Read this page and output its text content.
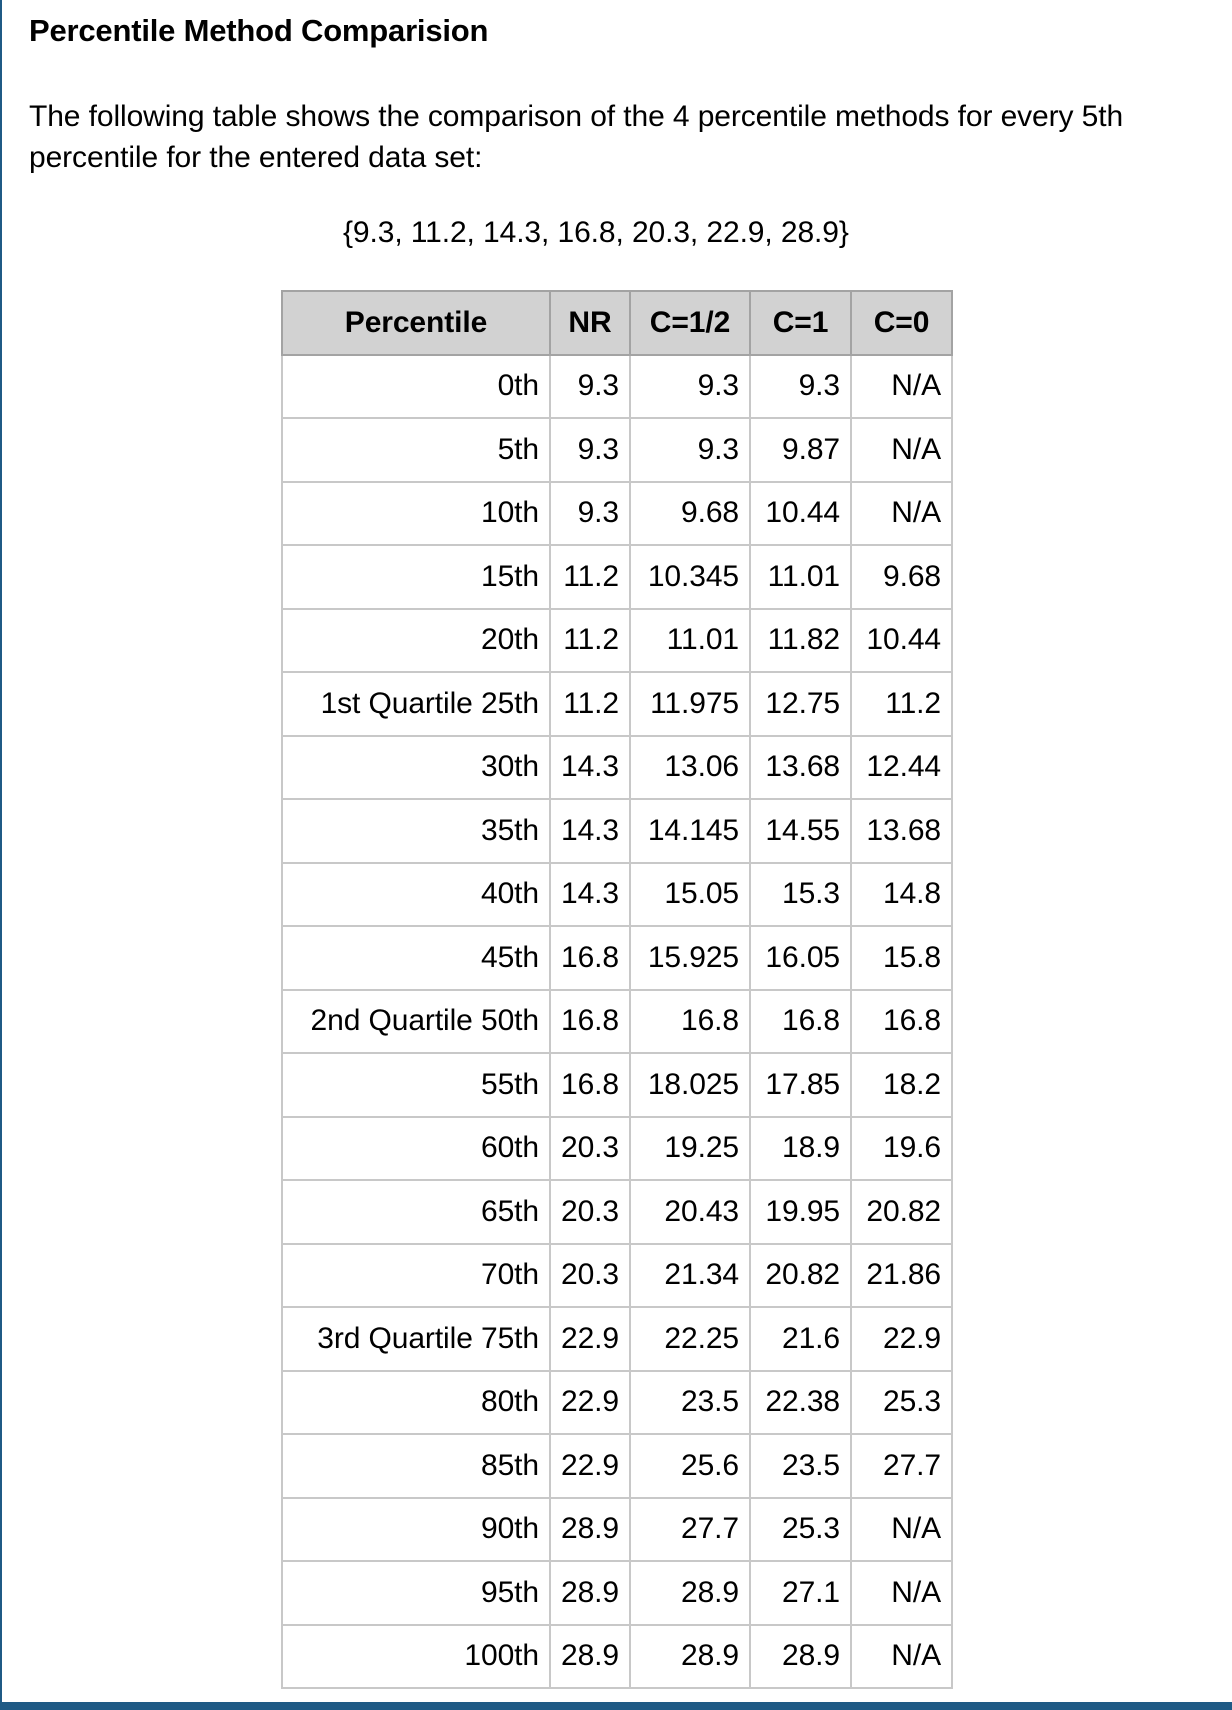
Percentile Method Comparision

The following table shows the comparison of the 4 percentile methods for every 5th percentile for the entered data set:

{9.3, 11.2, 14.3, 16.8, 20.3, 22.9, 28.9}
Percentile	NR	C=1/2	C=1	C=0
0th	9.3	9.3	9.3	N/A
5th	9.3	9.3	9.87	N/A
10th	9.3	9.68	10.44	N/A
15th	11.2	10.345	11.01	9.68
20th	11.2	11.01	11.82	10.44
1st Quartile 25th	11.2	11.975	12.75	11.2
30th	14.3	13.06	13.68	12.44
35th	14.3	14.145	14.55	13.68
40th	14.3	15.05	15.3	14.8
45th	16.8	15.925	16.05	15.8
2nd Quartile 50th	16.8	16.8	16.8	16.8
55th	16.8	18.025	17.85	18.2
60th	20.3	19.25	18.9	19.6
65th	20.3	20.43	19.95	20.82
70th	20.3	21.34	20.82	21.86
3rd Quartile 75th	22.9	22.25	21.6	22.9
80th	22.9	23.5	22.38	25.3
85th	22.9	25.6	23.5	27.7
90th	28.9	27.7	25.3	N/A
95th	28.9	28.9	27.1	N/A
100th	28.9	28.9	28.9	N/A
